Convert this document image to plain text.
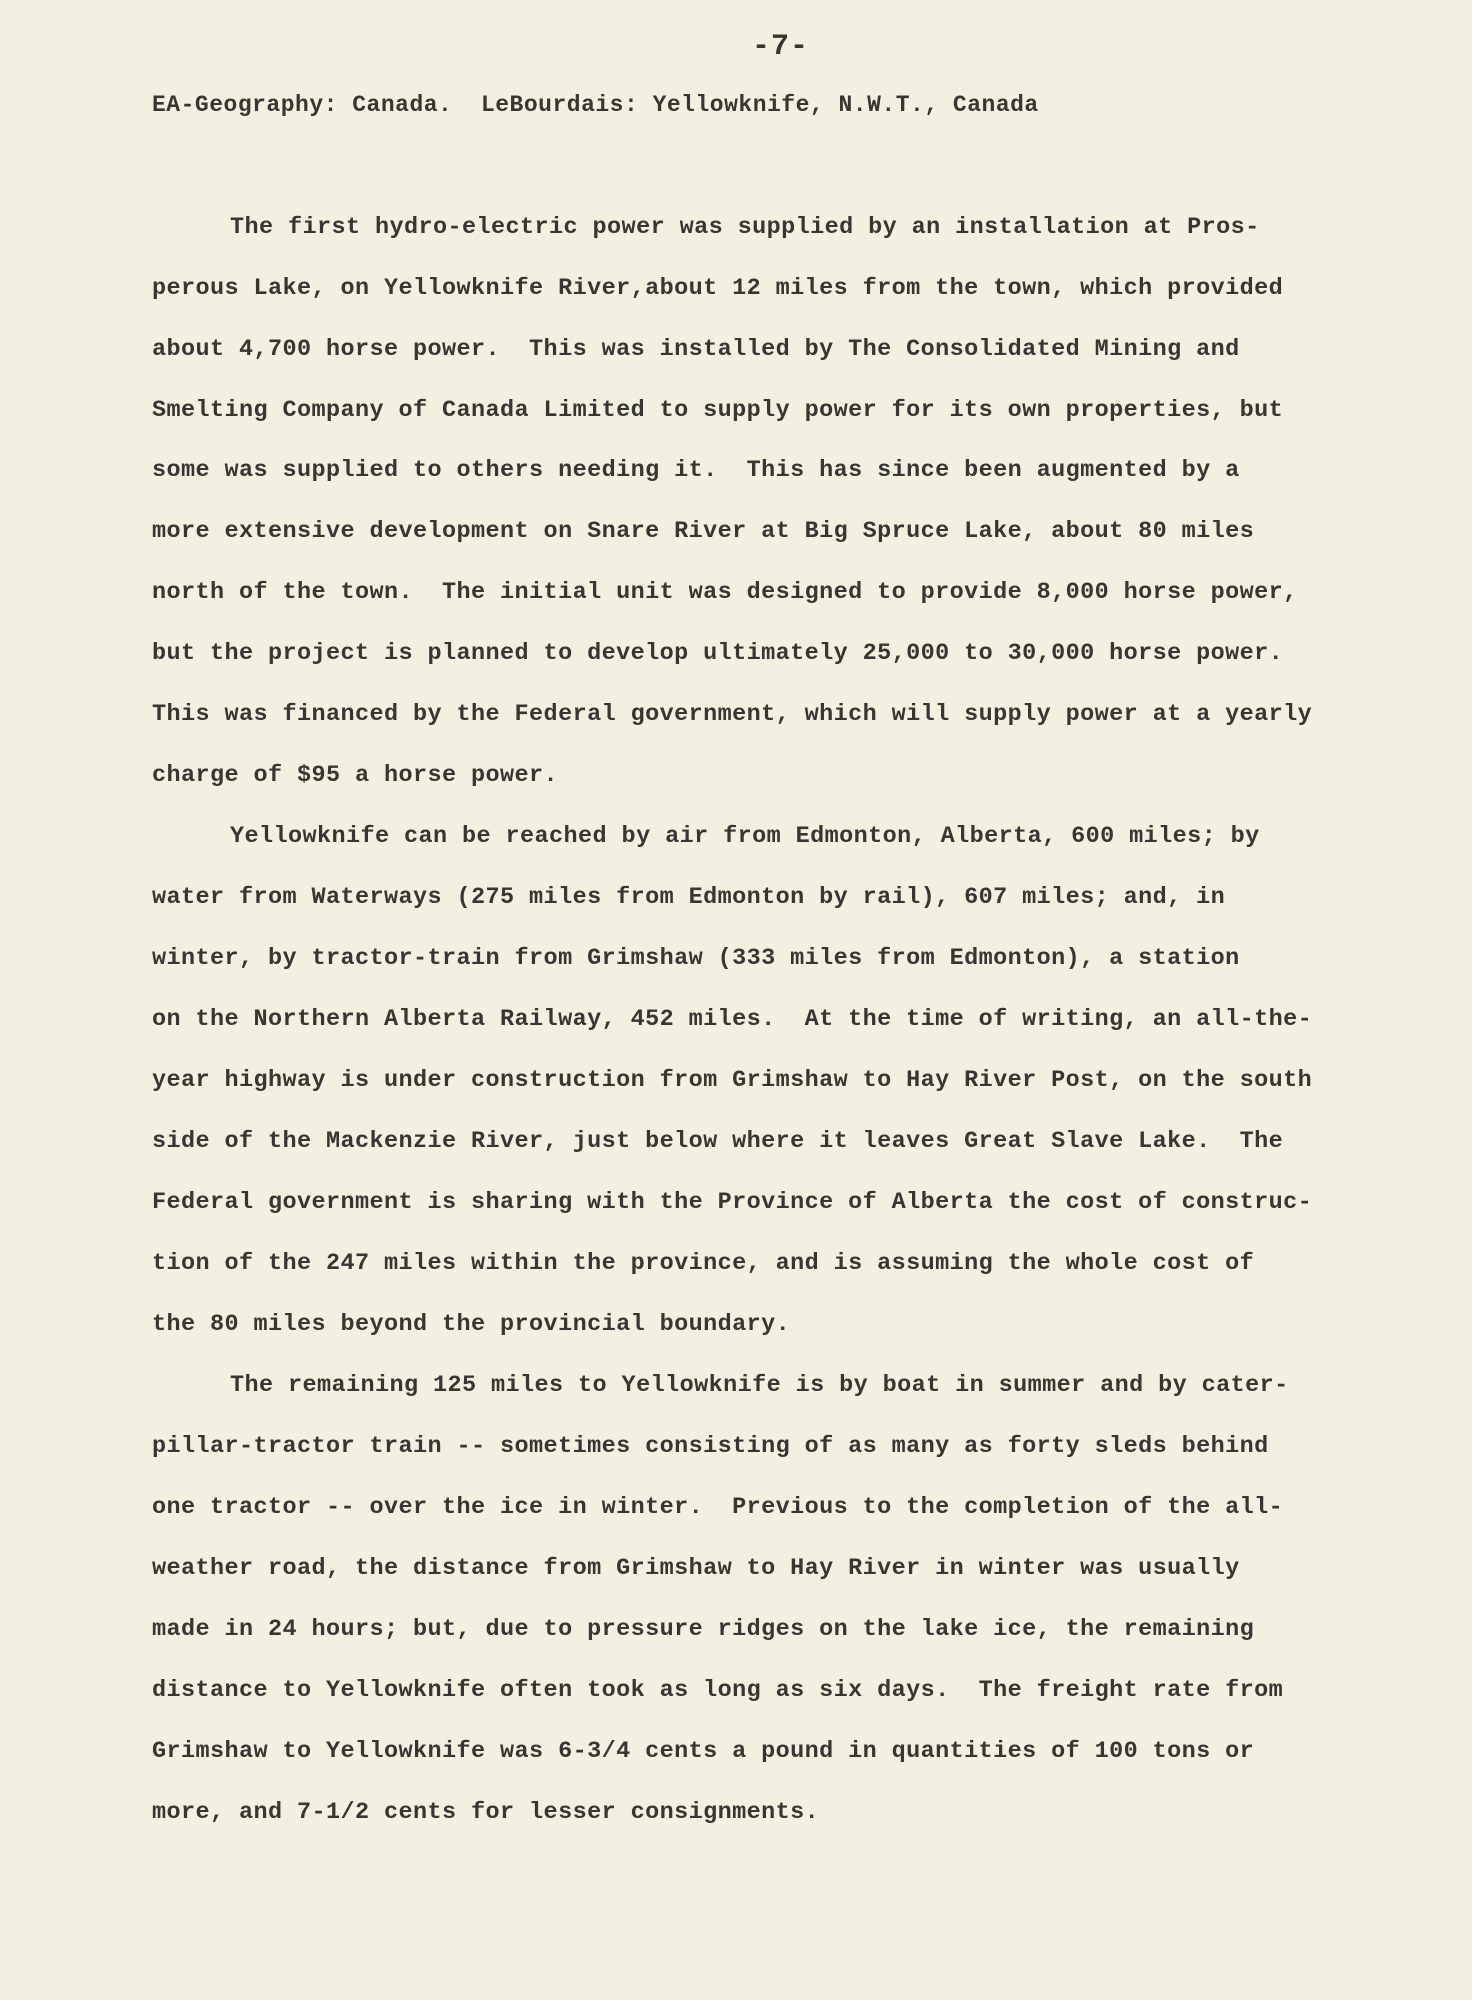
-7-
EA-Geography: Canada.  LeBourdais: Yellowknife, N.W.T., Canada
The first hydro-electric power was supplied by an installation at Pros-
perous Lake, on Yellowknife River,about 12 miles from the town, which provided
about 4,700 horse power.  This was installed by The Consolidated Mining and
Smelting Company of Canada Limited to supply power for its own properties, but
some was supplied to others needing it.  This has since been augmented by a
more extensive development on Snare River at Big Spruce Lake, about 80 miles
north of the town.  The initial unit was designed to provide 8,000 horse power,
but the project is planned to develop ultimately 25,000 to 30,000 horse power.
This was financed by the Federal government, which will supply power at a yearly
charge of $95 a horse power.
Yellowknife can be reached by air from Edmonton, Alberta, 600 miles; by
water from Waterways (275 miles from Edmonton by rail), 607 miles; and, in
winter, by tractor-train from Grimshaw (333 miles from Edmonton), a station
on the Northern Alberta Railway, 452 miles.  At the time of writing, an all-the-
year highway is under construction from Grimshaw to Hay River Post, on the south
side of the Mackenzie River, just below where it leaves Great Slave Lake.  The
Federal government is sharing with the Province of Alberta the cost of construc-
tion of the 247 miles within the province, and is assuming the whole cost of
the 80 miles beyond the provincial boundary.
The remaining 125 miles to Yellowknife is by boat in summer and by cater-
pillar-tractor train -- sometimes consisting of as many as forty sleds behind
one tractor -- over the ice in winter.  Previous to the completion of the all-
weather road, the distance from Grimshaw to Hay River in winter was usually
made in 24 hours; but, due to pressure ridges on the lake ice, the remaining
distance to Yellowknife often took as long as six days.  The freight rate from
Grimshaw to Yellowknife was 6-3/4 cents a pound in quantities of 100 tons or
more, and 7-1/2 cents for lesser consignments.
